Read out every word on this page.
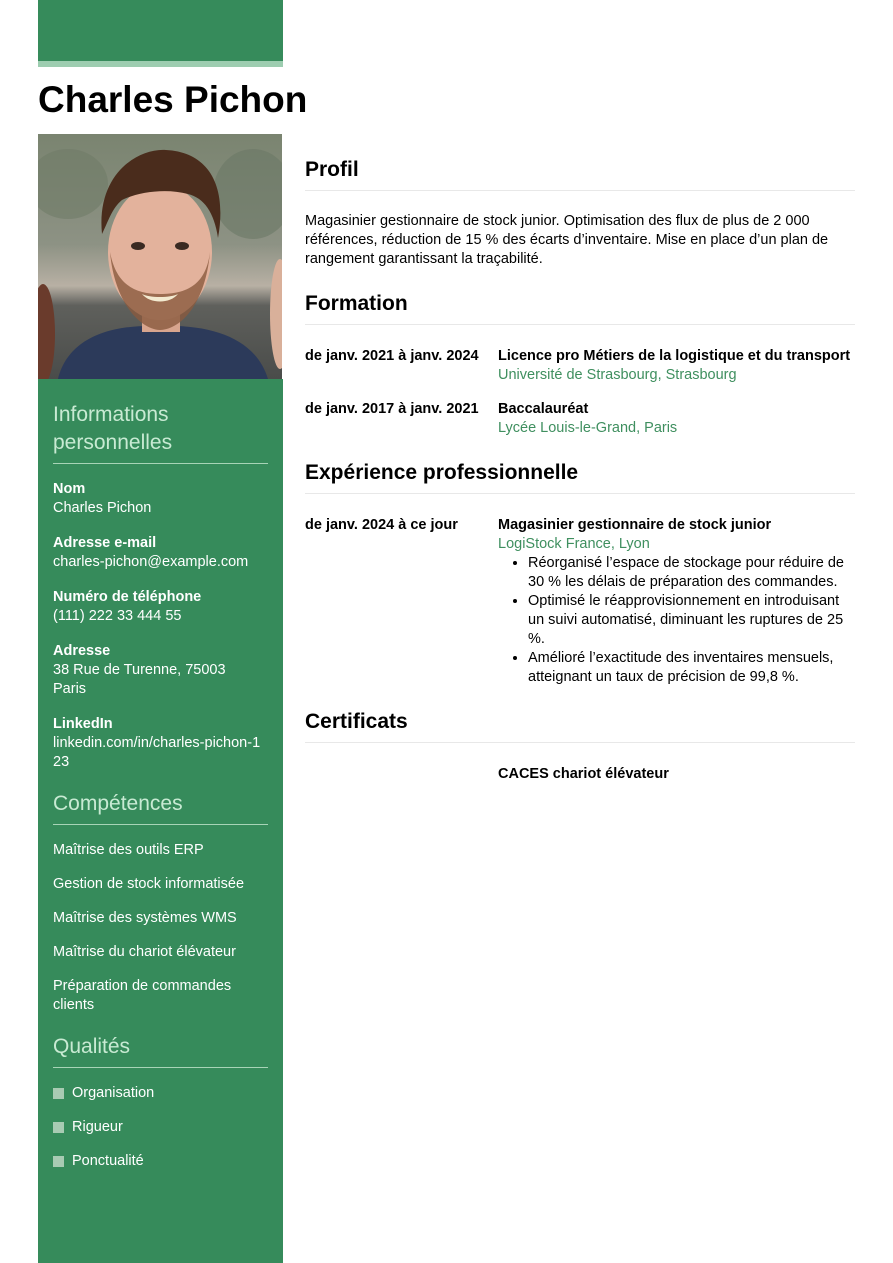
Charles Pichon
Informations personnelles
Nom
Charles Pichon
Adresse e-mail
charles-pichon@example.com
Numéro de téléphone
(111) 222 33 444 55
Adresse
38 Rue de Turenne, 75003 Paris
LinkedIn
linkedin.com/in/charles-pichon-123
Compétences
Maîtrise des outils ERP
Gestion de stock informatisée
Maîtrise des systèmes WMS
Maîtrise du chariot élévateur
Préparation de commandes clients
Qualités
Organisation
Rigueur
Ponctualité
Profil

Magasinier gestionnaire de stock junior. Optimisation des flux de plus de 2 000 références, réduction de 15 % des écarts d’inventaire. Mise en place d’un plan de rangement garantissant la traçabilité.

Formation
de janv. 2021 à janv. 2024	Licence pro Métiers de la logistique et du transport
Université de Strasbourg, Strasbourg
de janv. 2017 à janv. 2021	Baccalauréat
Lycée Louis-le-Grand, Paris
Expérience professionnelle
de janv. 2024 à ce jour	Magasinier gestionnaire de stock junior
LogiStock France, Lyon
• Réorganisé l’espace de stockage pour réduire de 30 % les délais de préparation des commandes.
• Optimisé le réapprovisionnement en introduisant un suivi automatisé, diminuant les ruptures de 25 %.
• Amélioré l’exactitude des inventaires mensuels, atteignant un taux de précision de 99,8 %.
Certificats
CACES chariot élévateur
